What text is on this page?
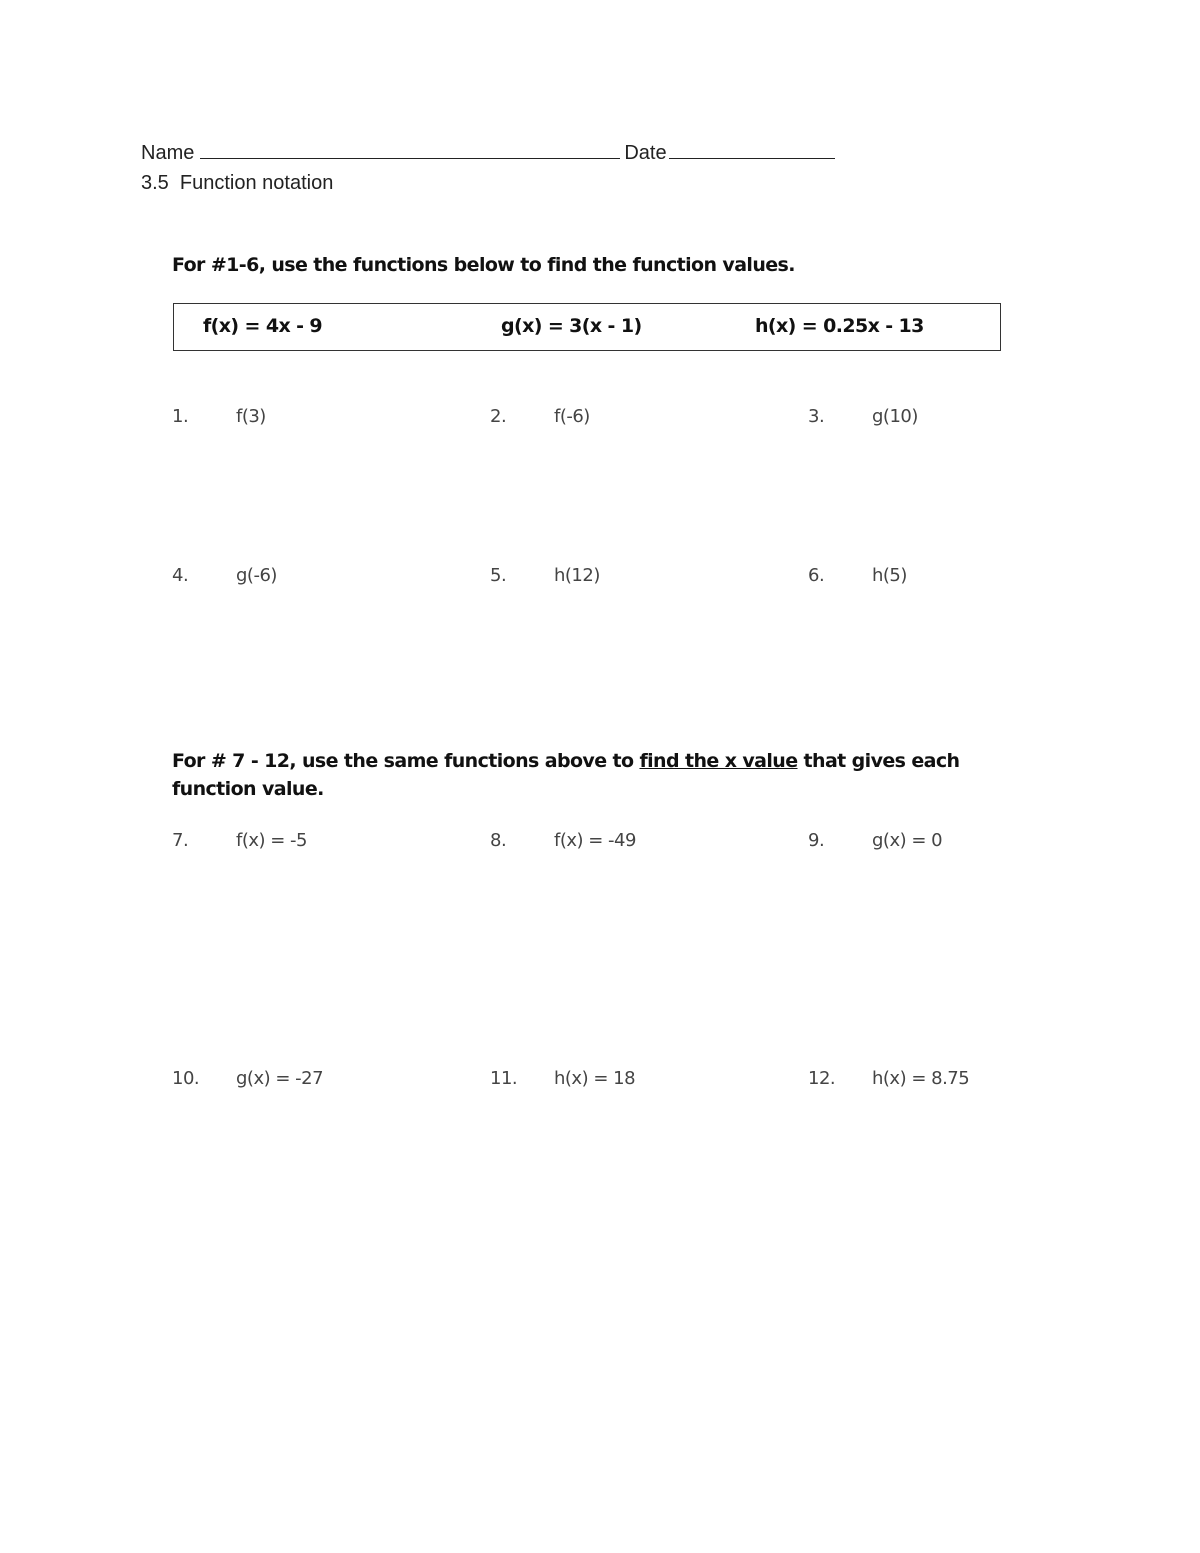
Name	Date
3.5  Function notation
For #1-6, use the functions below to find the function values.
f(x) = 4x - 9	g(x) = 3(x - 1)	h(x) = 0.25x - 13
1.	f(3)	2.	f(-6)	3.	g(10)
4.	g(-6)	5.	h(12)	6.	h(5)
For # 7 - 12, use the same functions above to find the x value that gives each function value.
7.	f(x) = -5	8.	f(x) = -49	9.	g(x) = 0
10.	g(x) = -27	11.	h(x) = 18	12.	h(x) = 8.75
